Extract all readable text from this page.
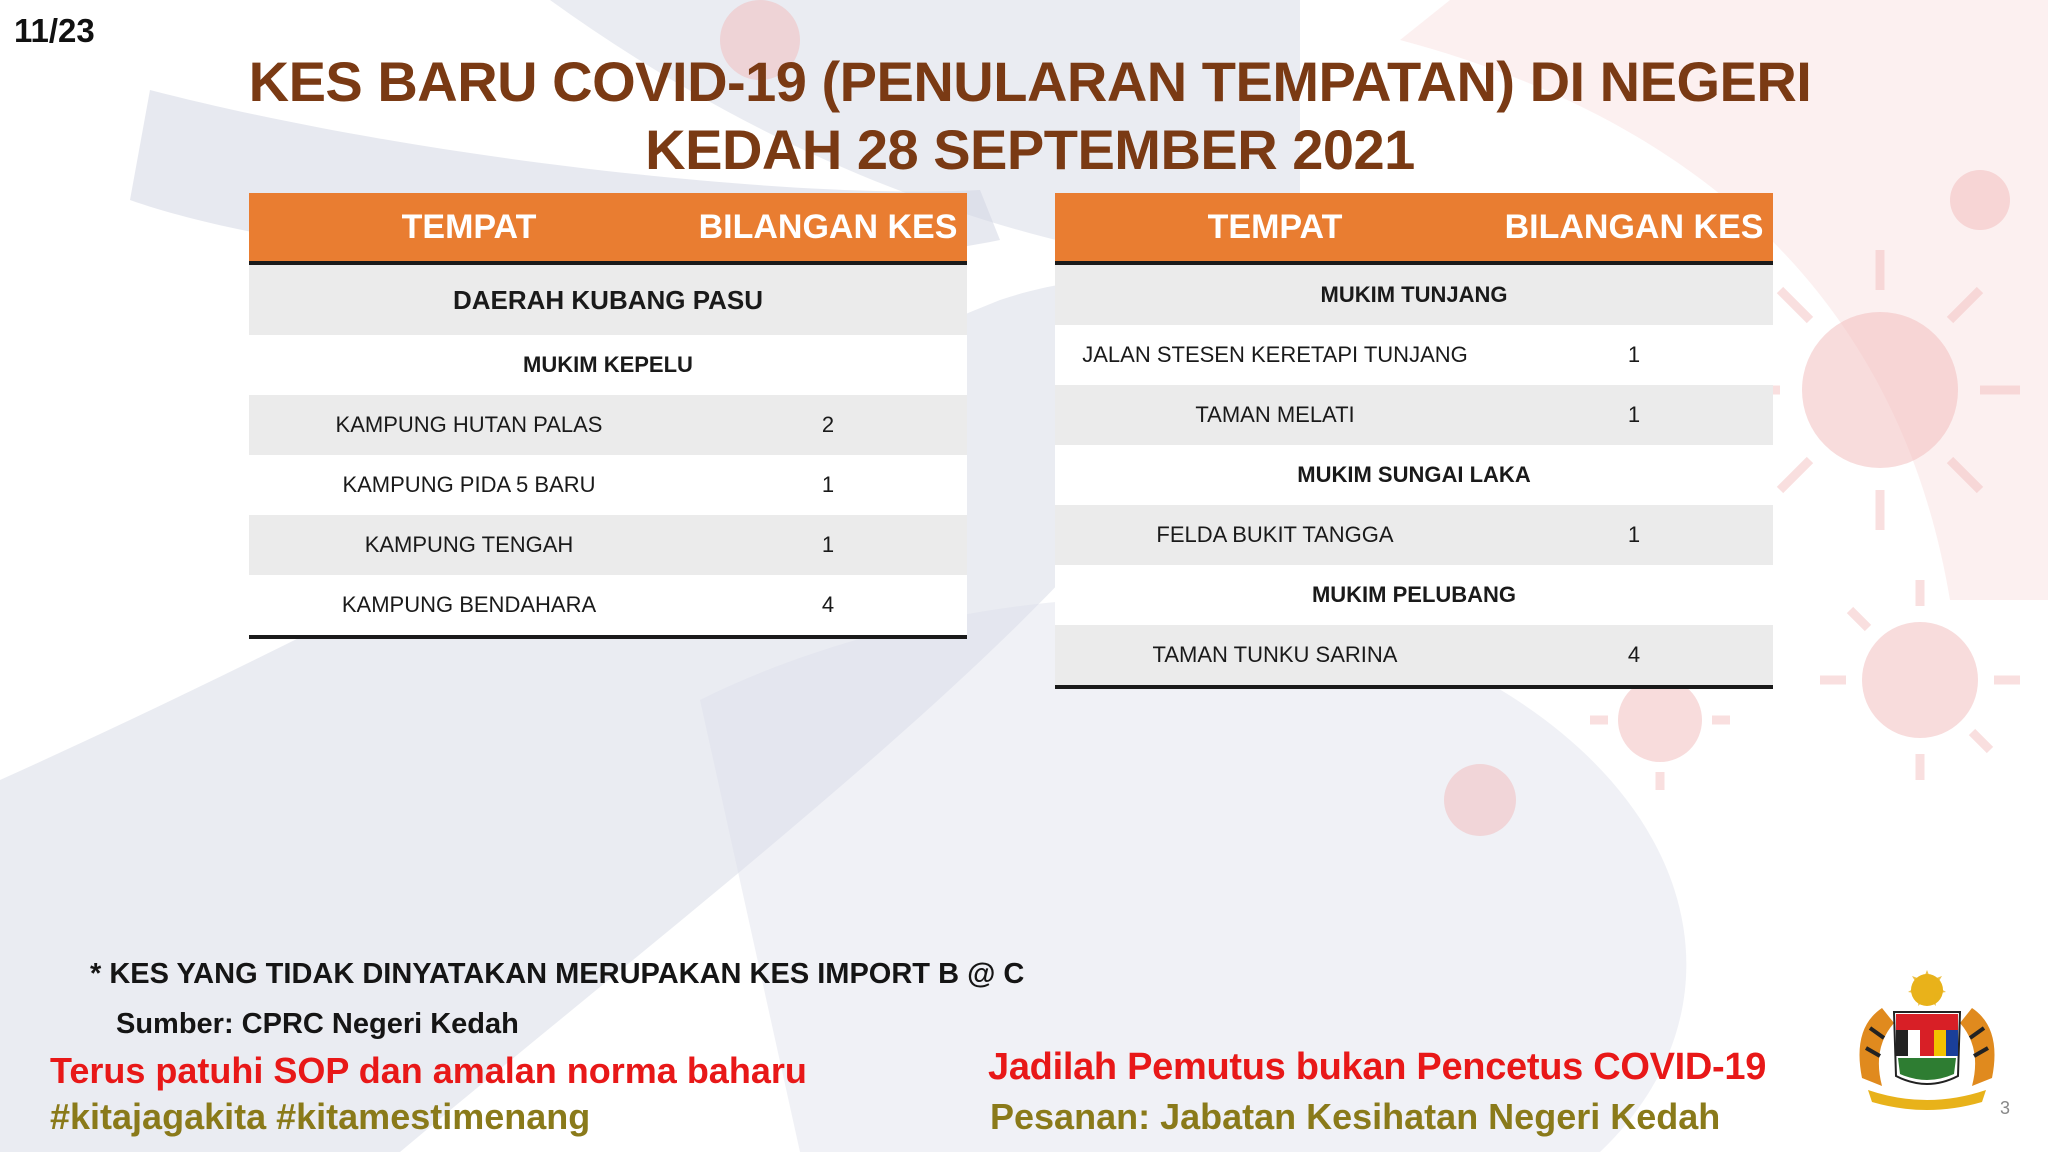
11/23
KES BARU COVID-19 (PENULARAN TEMPATAN) DI NEGERI
KEDAH 28 SEPTEMBER 2021
TEMPAT	BILANGAN KES
DAERAH KUBANG PASU
MUKIM KEPELU
KAMPUNG HUTAN PALAS	2
KAMPUNG PIDA 5 BARU	1
KAMPUNG TENGAH	1
KAMPUNG BENDAHARA	4
TEMPAT	BILANGAN KES
MUKIM TUNJANG
JALAN STESEN KERETAPI TUNJANG	1
TAMAN MELATI	1
MUKIM SUNGAI LAKA
FELDA BUKIT TANGGA	1
MUKIM PELUBANG
TAMAN TUNKU SARINA	4
* KES YANG TIDAK DINYATAKAN MERUPAKAN KES IMPORT B @ C
Sumber: CPRC Negeri Kedah
Terus patuhi SOP dan amalan norma baharu
#kitajagakita #kitamestimenang
Jadilah Pemutus bukan Pencetus COVID-19
Pesanan: Jabatan Kesihatan Negeri Kedah	3
